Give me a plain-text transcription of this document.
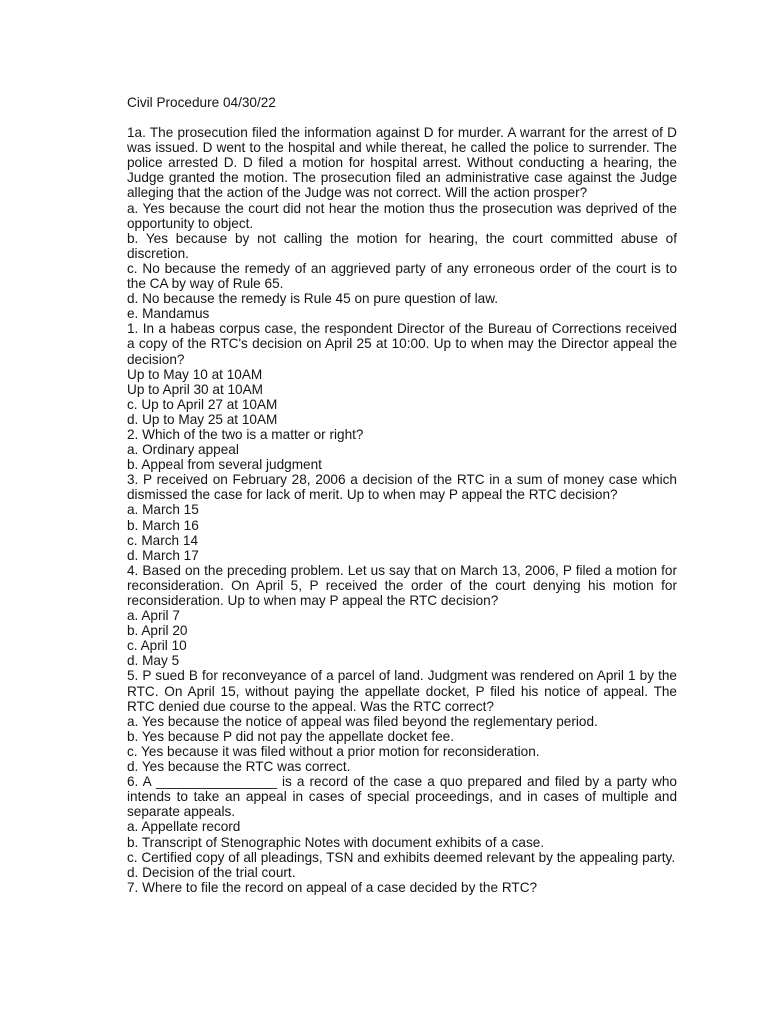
Civil Procedure 04/30/22

1a. The prosecution filed the information against D for murder. A warrant for the arrest of D was issued. D went to the hospital and while thereat, he called the police to surrender. The police arrested D. D filed a motion for hospital arrest. Without conducting a hearing, the Judge granted the motion. The prosecution filed an administrative case against the Judge alleging that the action of the Judge was not correct. Will the action prosper?

a. Yes because the court did not hear the motion thus the prosecution was deprived of the opportunity to object.

b. Yes because by not calling the motion for hearing, the court committed abuse of discretion.

c. No because the remedy of an aggrieved party of any erroneous order of the court is to the CA by way of Rule 65.

d. No because the remedy is Rule 45 on pure question of law.

e. Mandamus

1. In a habeas corpus case, the respondent Director of the Bureau of Corrections received a copy of the RTC's decision on April 25 at 10:00. Up to when may the Director appeal the decision?

Up to May 10 at 10AM

Up to April 30 at 10AM

c. Up to April 27 at 10AM

d. Up to May 25 at 10AM

2. Which of the two is a matter or right?

a. Ordinary appeal

b. Appeal from several judgment

3. P received on February 28, 2006 a decision of the RTC in a sum of money case which dismissed the case for lack of merit. Up to when may P appeal the RTC decision?

a. March 15

b. March 16

c. March 14

d. March 17

4. Based on the preceding problem. Let us say that on March 13, 2006, P filed a motion for reconsideration. On April 5, P received the order of the court denying his motion for reconsideration. Up to when may P appeal the RTC decision?

a. April 7

b. April 20

c. April 10

d. May 5

5. P sued B for reconveyance of a parcel of land. Judgment was rendered on April 1 by the RTC. On April 15, without paying the appellate docket, P filed his notice of appeal. The RTC denied due course to the appeal. Was the RTC correct?

a. Yes because the notice of appeal was filed beyond the reglementary period.

b. Yes because P did not pay the appellate docket fee.

c. Yes because it was filed without a prior motion for reconsideration.

d. Yes because the RTC was correct.

6. A ________________ is a record of the case a quo prepared and filed by a party who intends to take an appeal in cases of special proceedings, and in cases of multiple and separate appeals.

a. Appellate record

b. Transcript of Stenographic Notes with document exhibits of a case.

c. Certified copy of all pleadings, TSN and exhibits deemed relevant by the appealing party.

d. Decision of the trial court.

7. Where to file the record on appeal of a case decided by the RTC?
